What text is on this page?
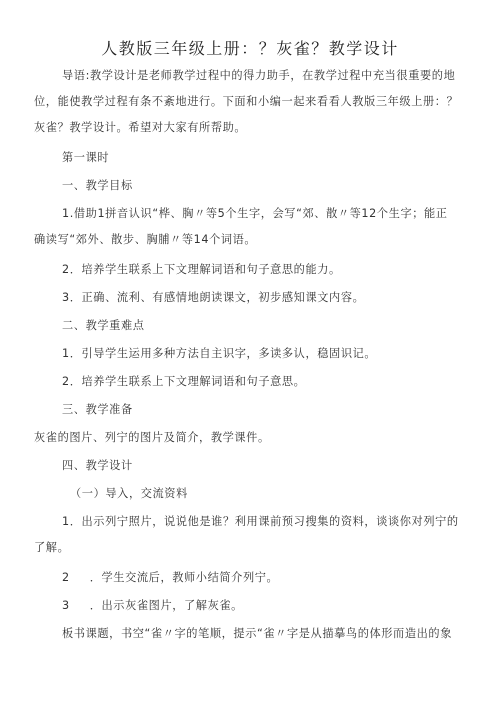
人教版三年级上册：？灰雀？教学设计
导语:教学设计是老师教学过程中的得力助手，在教学过程中充当很重要的地
位，能使教学过程有条不紊地进行。下面和小编一起来看看人教版三年级上册：？
灰雀？教学设计。希望对大家有所帮助。
第一课时
一、教学目标
1.借助1拼音认识“桦、胸〃等5个生字，会写“郊、散〃等12个生字；能正
确读写“郊外、散步、胸脯〃等14个词语。
2．培养学生联系上下文理解词语和句子意思的能力。
3．正确、流利、有感情地朗读课文，初步感知课文内容。
二、教学重难点
1．引导学生运用多种方法自主识字，多读多认，稳固识记。
2．培养学生联系上下文理解词语和句子意思。
三、教学准备
灰雀的图片、列宁的图片及简介，教学课件。
四、教学设计
（一）导入，交流资料
1．出示列宁照片，说说他是谁？利用课前预习搜集的资料，谈谈你对列宁的
了解。
2 ．学生交流后，教师小结简介列宁。
3 ．出示灰雀图片，了解灰雀。
板书课题，书空“雀〃字的笔顺，提示“雀〃字是从描摹鸟的体形而造出的象
